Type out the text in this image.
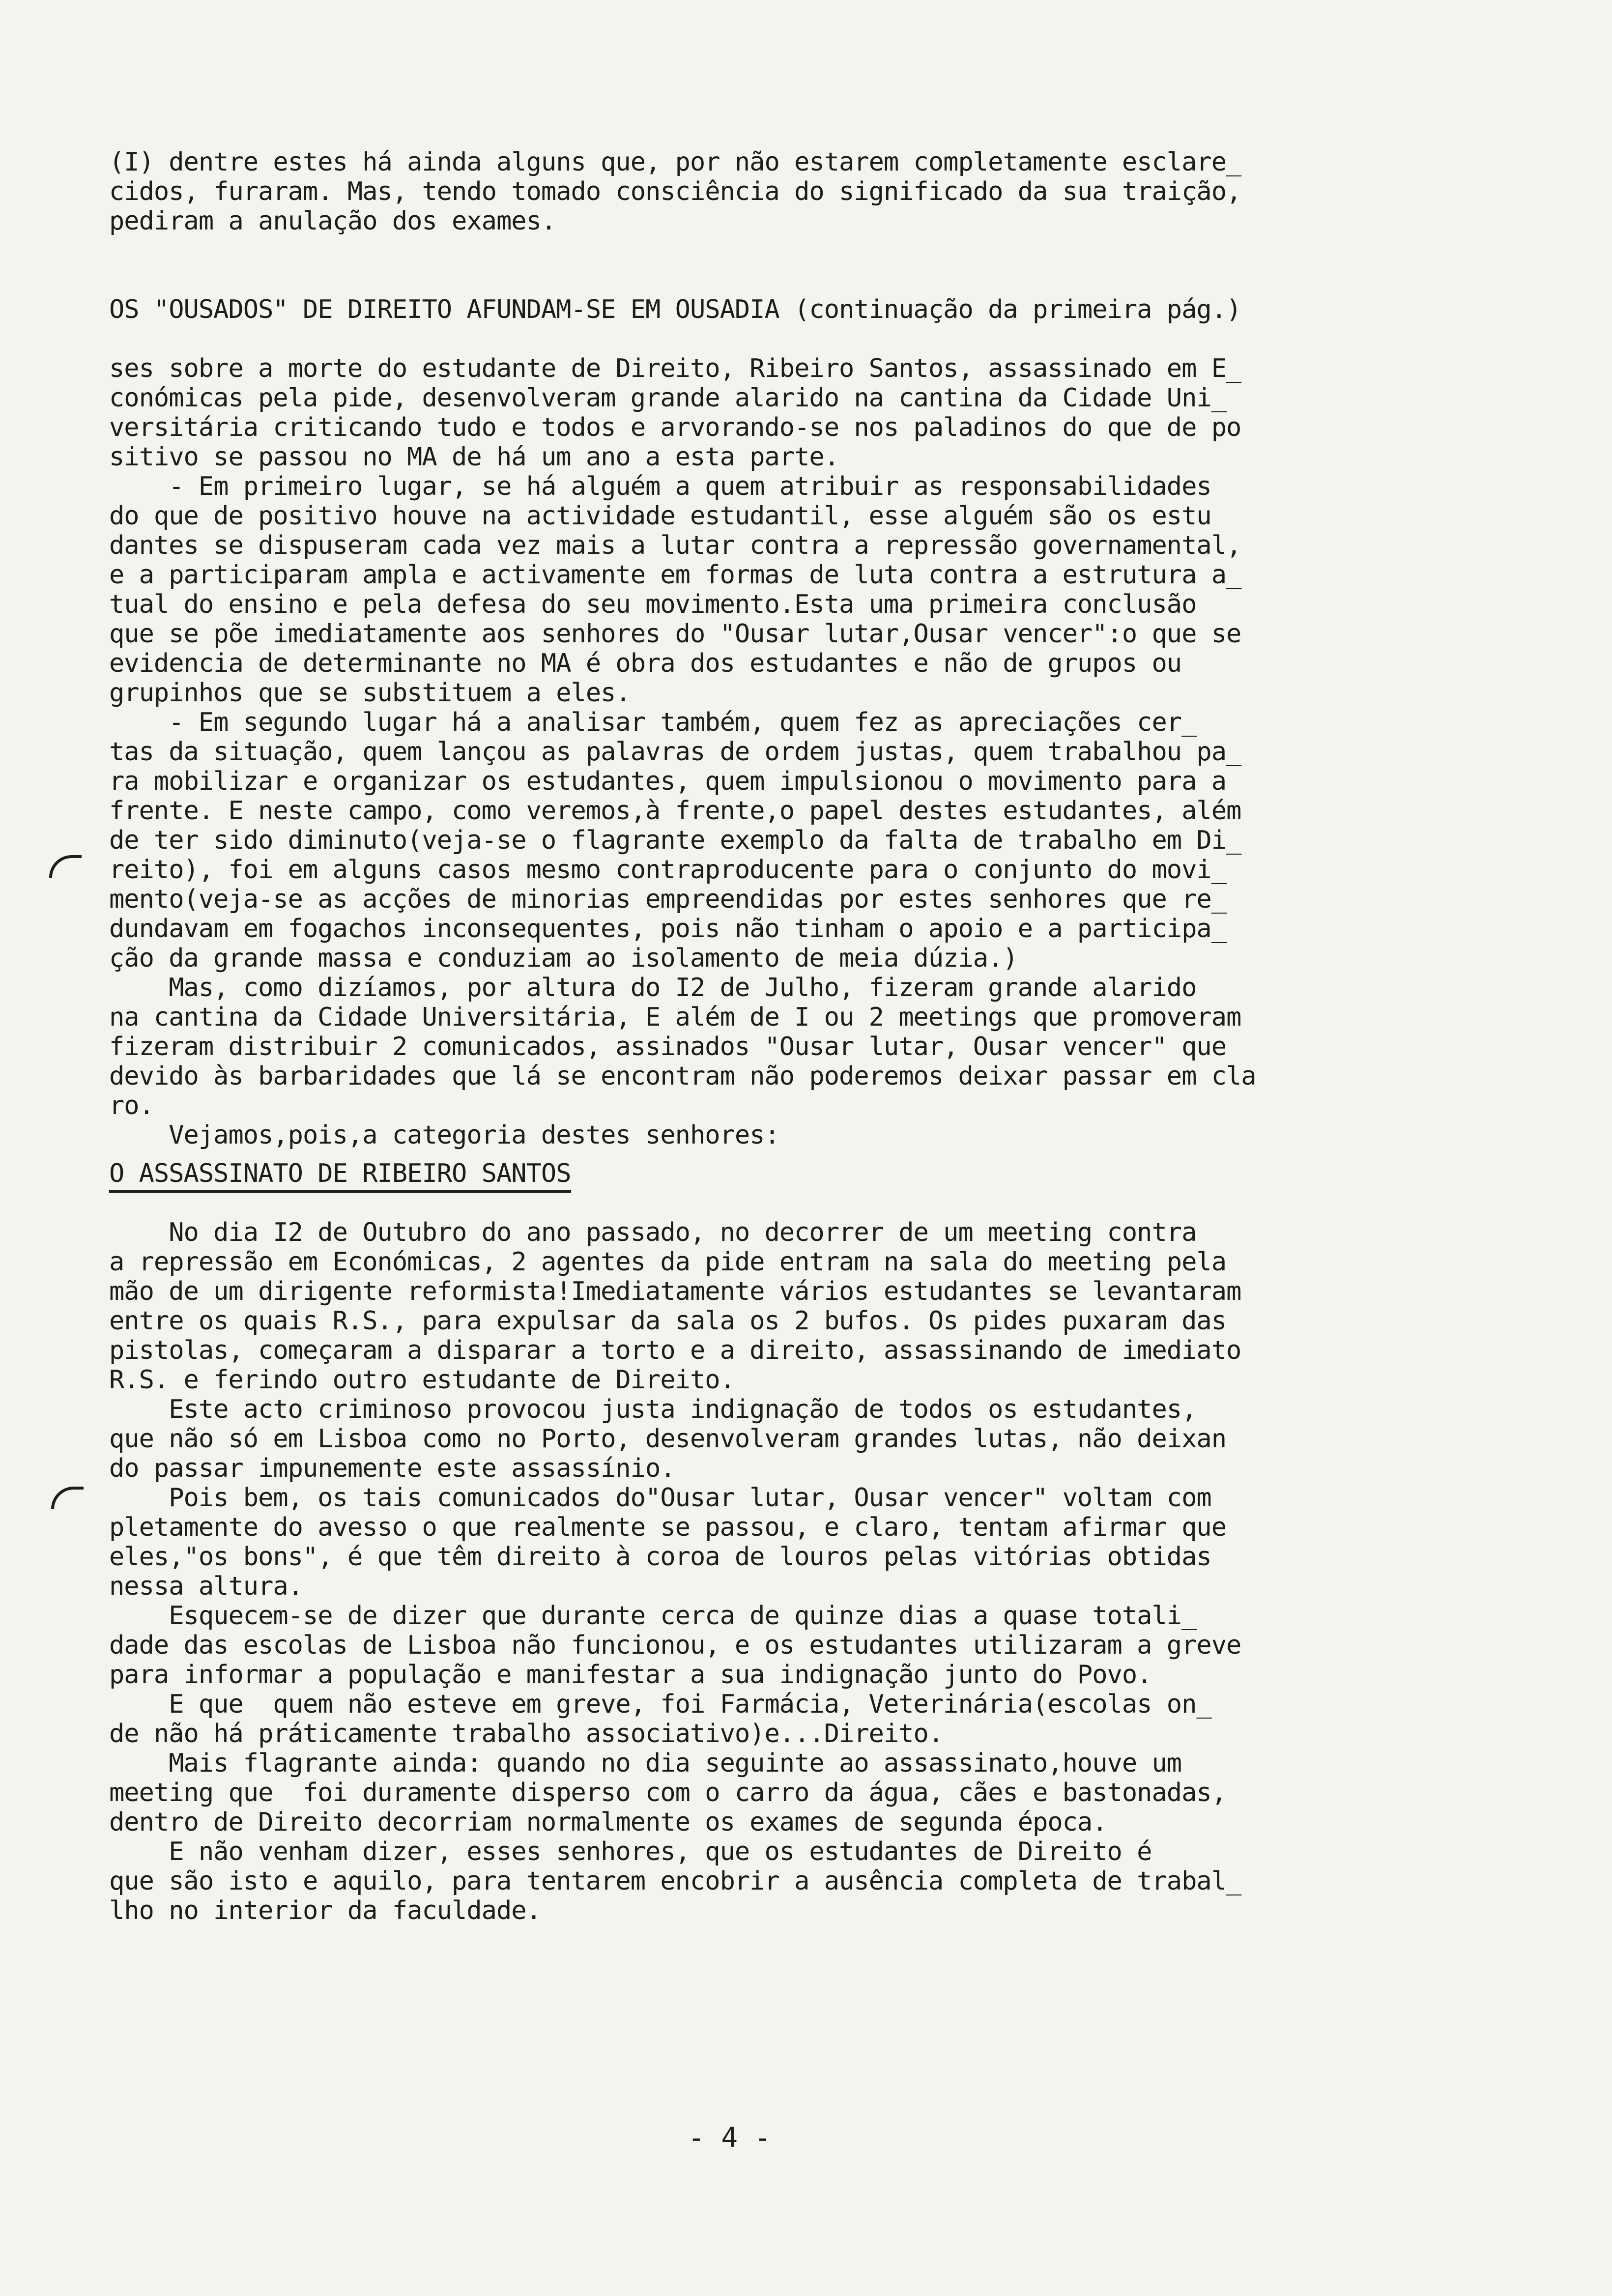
- 4 -
(I) dentre estes há ainda alguns que, por não estarem completamente esclare_
cidos, furaram. Mas, tendo tomado consciência do significado da sua traição,
pediram a anulação dos exames.
OS "OUSADOS" DE DIREITO AFUNDAM-SE EM OUSADIA (continuação da primeira pág.)
ses sobre a morte do estudante de Direito, Ribeiro Santos, assassinado em E_
conómicas pela pide, desenvolveram grande alarido na cantina da Cidade Uni_
versitária criticando tudo e todos e arvorando-se nos paladinos do que de po
sitivo se passou no MA de há um ano a esta parte.
- Em primeiro lugar, se há alguém a quem atribuir as responsabilidades
do que de positivo houve na actividade estudantil, esse alguém são os estu
dantes se dispuseram cada vez mais a lutar contra a repressão governamental,
e a participaram ampla e activamente em formas de luta contra a estrutura a_
tual do ensino e pela defesa do seu movimento.Esta uma primeira conclusão
que se põe imediatamente aos senhores do "Ousar lutar,Ousar vencer":o que se
evidencia de determinante no MA é obra dos estudantes e não de grupos ou
grupinhos que se substituem a eles.
- Em segundo lugar há a analisar também, quem fez as apreciações cer_
tas da situação, quem lançou as palavras de ordem justas, quem trabalhou pa_
ra mobilizar e organizar os estudantes, quem impulsionou o movimento para a
frente. E neste campo, como veremos,à frente,o papel destes estudantes, além
de ter sido diminuto(veja-se o flagrante exemplo da falta de trabalho em Di_
reito), foi em alguns casos mesmo contraproducente para o conjunto do movi_
mento(veja-se as acções de minorias empreendidas por estes senhores que re_
dundavam em fogachos inconsequentes, pois não tinham o apoio e a participa_
ção da grande massa e conduziam ao isolamento de meia dúzia.)
Mas, como dizíamos, por altura do I2 de Julho, fizeram grande alarido
na cantina da Cidade Universitária, E além de I ou 2 meetings que promoveram
fizeram distribuir 2 comunicados, assinados "Ousar lutar, Ousar vencer" que
devido às barbaridades que lá se encontram não poderemos deixar passar em cla
ro.
Vejamos,pois,a categoria destes senhores:
O ASSASSINATO DE RIBEIRO SANTOS
No dia I2 de Outubro do ano passado, no decorrer de um meeting contra
a repressão em Económicas, 2 agentes da pide entram na sala do meeting pela
mão de um dirigente reformista!Imediatamente vários estudantes se levantaram
entre os quais R.S., para expulsar da sala os 2 bufos. Os pides puxaram das
pistolas, começaram a disparar a torto e a direito, assassinando de imediato
R.S. e ferindo outro estudante de Direito.
Este acto criminoso provocou justa indignação de todos os estudantes,
que não só em Lisboa como no Porto, desenvolveram grandes lutas, não deixan
do passar impunemente este assassínio.
Pois bem, os tais comunicados do"Ousar lutar, Ousar vencer" voltam com
pletamente do avesso o que realmente se passou, e claro, tentam afirmar que
eles,"os bons", é que têm direito à coroa de louros pelas vitórias obtidas
nessa altura.
Esquecem-se de dizer que durante cerca de quinze dias a quase totali_
dade das escolas de Lisboa não funcionou, e os estudantes utilizaram a greve
para informar a população e manifestar a sua indignação junto do Povo.
E que  quem não esteve em greve, foi Farmácia, Veterinária(escolas on_
de não há práticamente trabalho associativo)e...Direito.
Mais flagrante ainda: quando no dia seguinte ao assassinato,houve um
meeting que  foi duramente disperso com o carro da água, cães e bastonadas,
dentro de Direito decorriam normalmente os exames de segunda época.
E não venham dizer, esses senhores, que os estudantes de Direito é
que são isto e aquilo, para tentarem encobrir a ausência completa de trabal_
lho no interior da faculdade.
